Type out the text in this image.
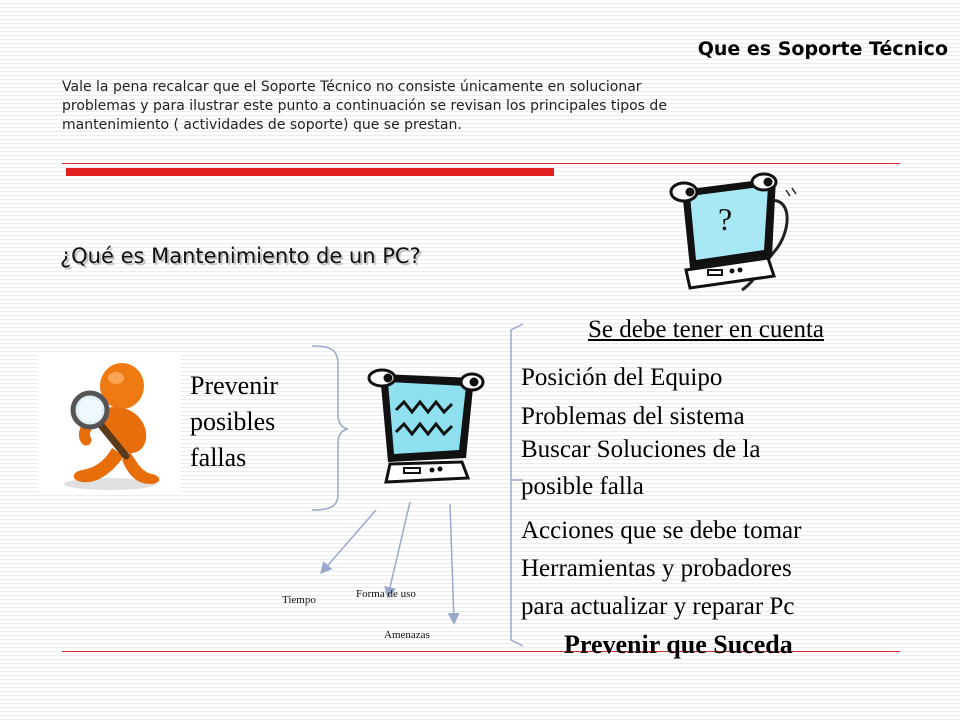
Que es Soporte Técnico
Vale la pena recalcar que el Soporte Técnico no consiste únicamente en solucionar
problemas y para ilustrar este punto a continuación se revisan los principales tipos de
mantenimiento ( actividades de soporte) que se prestan.
¿Qué es Mantenimiento de un PC?
?
Prevenir
posibles
fallas
Tiempo	Forma de uso
Amenazas
Se debe tener en cuenta
Posición del Equipo
Problemas del sistema
Buscar Soluciones de la
posible falla
Acciones que se debe tomar
Herramientas y probadores
para actualizar y reparar Pc
Prevenir que Suceda
